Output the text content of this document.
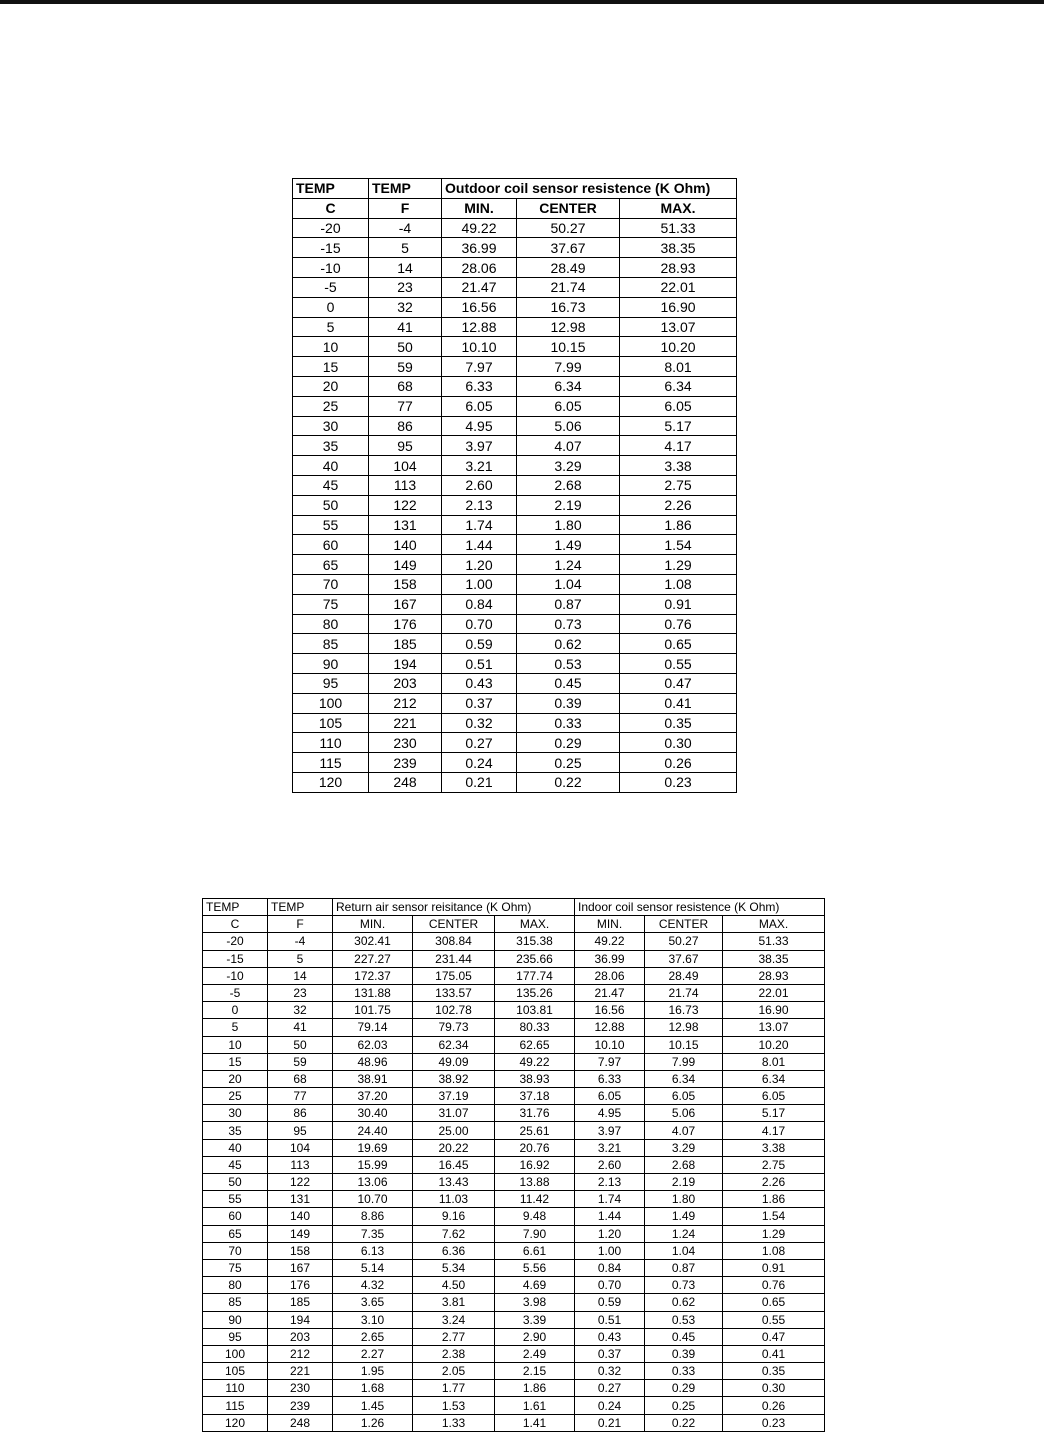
TEMP	TEMP	Outdoor coil sensor resistence (K Ohm)		
C	F	MIN.	CENTER	MAX.
-20	-4	49.22	50.27	51.33
-15	5	36.99	37.67	38.35
-10	14	28.06	28.49	28.93
-5	23	21.47	21.74	22.01
0	32	16.56	16.73	16.90
5	41	12.88	12.98	13.07
10	50	10.10	10.15	10.20
15	59	7.97	7.99	8.01
20	68	6.33	6.34	6.34
25	77	6.05	6.05	6.05
30	86	4.95	5.06	5.17
35	95	3.97	4.07	4.17
40	104	3.21	3.29	3.38
45	113	2.60	2.68	2.75
50	122	2.13	2.19	2.26
55	131	1.74	1.80	1.86
60	140	1.44	1.49	1.54
65	149	1.20	1.24	1.29
70	158	1.00	1.04	1.08
75	167	0.84	0.87	0.91
80	176	0.70	0.73	0.76
85	185	0.59	0.62	0.65
90	194	0.51	0.53	0.55
95	203	0.43	0.45	0.47
100	212	0.37	0.39	0.41
105	221	0.32	0.33	0.35
110	230	0.27	0.29	0.30
115	239	0.24	0.25	0.26
120	248	0.21	0.22	0.23
TEMP	TEMP	Return air sensor reisitance (K Ohm)			Indoor coil sensor resistence (K Ohm)		
C	F	MIN.	CENTER	MAX.	MIN.	CENTER	MAX.
-20	-4	302.41	308.84	315.38	49.22	50.27	51.33
-15	5	227.27	231.44	235.66	36.99	37.67	38.35
-10	14	172.37	175.05	177.74	28.06	28.49	28.93
-5	23	131.88	133.57	135.26	21.47	21.74	22.01
0	32	101.75	102.78	103.81	16.56	16.73	16.90
5	41	79.14	79.73	80.33	12.88	12.98	13.07
10	50	62.03	62.34	62.65	10.10	10.15	10.20
15	59	48.96	49.09	49.22	7.97	7.99	8.01
20	68	38.91	38.92	38.93	6.33	6.34	6.34
25	77	37.20	37.19	37.18	6.05	6.05	6.05
30	86	30.40	31.07	31.76	4.95	5.06	5.17
35	95	24.40	25.00	25.61	3.97	4.07	4.17
40	104	19.69	20.22	20.76	3.21	3.29	3.38
45	113	15.99	16.45	16.92	2.60	2.68	2.75
50	122	13.06	13.43	13.88	2.13	2.19	2.26
55	131	10.70	11.03	11.42	1.74	1.80	1.86
60	140	8.86	9.16	9.48	1.44	1.49	1.54
65	149	7.35	7.62	7.90	1.20	1.24	1.29
70	158	6.13	6.36	6.61	1.00	1.04	1.08
75	167	5.14	5.34	5.56	0.84	0.87	0.91
80	176	4.32	4.50	4.69	0.70	0.73	0.76
85	185	3.65	3.81	3.98	0.59	0.62	0.65
90	194	3.10	3.24	3.39	0.51	0.53	0.55
95	203	2.65	2.77	2.90	0.43	0.45	0.47
100	212	2.27	2.38	2.49	0.37	0.39	0.41
105	221	1.95	2.05	2.15	0.32	0.33	0.35
110	230	1.68	1.77	1.86	0.27	0.29	0.30
115	239	1.45	1.53	1.61	0.24	0.25	0.26
120	248	1.26	1.33	1.41	0.21	0.22	0.23
